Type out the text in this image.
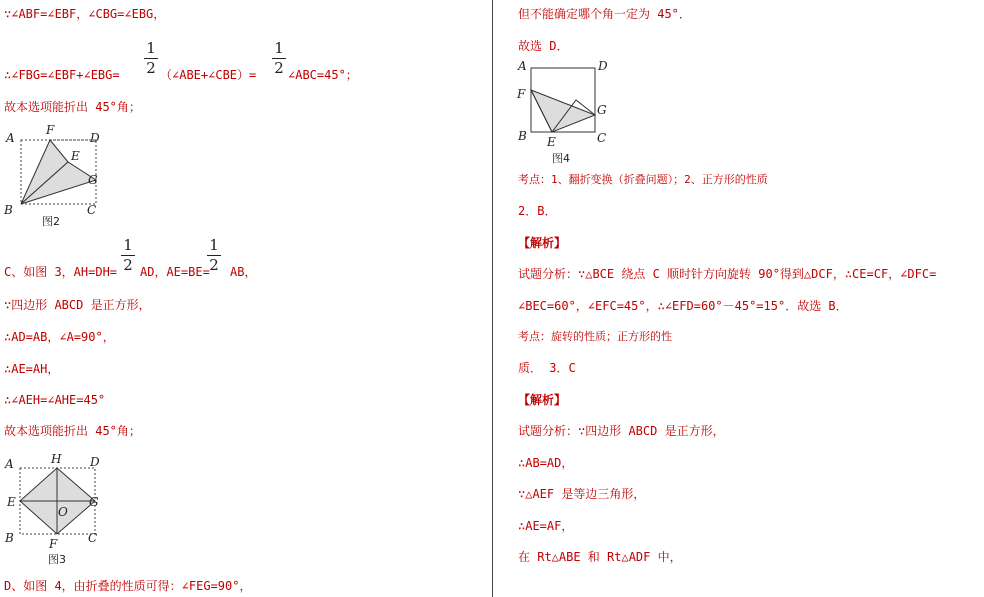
∵∠ABF=∠EBF，∠CBG=∠EBG，
∴∠FBG=∠EBF+∠EBG=
1
2 （∠ABE+∠CBE）=
1
2 ∠ABC=45°；
故本选项能折出 45°角；
A
F
D
E
G
B	C
图2
C、如图 3，AH=DH=
1
2 AD，AE=BE=
1
2 AB，
∵四边形 ABCD 是正方形，
∴AD=AB，∠A=90°，
∴AE=AH，
∴∠AEH=∠AHE=45°
故本选项能折出 45°角；
A	H D
E	G
O
B	F	C
图3
D、如图 4，由折叠的性质可得：∠FEG=90°，
但不能确定哪个角一定为 45°．
故选 D．
A	D
F
G
B E	C
图4
考点：1、翻折变换（折叠问题）；2、正方形的性质
2．B．
【解析】
试题分析：∵△BCE 绕点 C 顺时针方向旋转 90°得到△DCF，∴CE=CF，∠DFC=
∠BEC=60°，∠EFC=45°，∴∠EFD=60°－45°=15°．故选 B．
考点：旋转的性质；正方形的性
质． 3．C
【解析】
试题分析：∵四边形 ABCD 是正方形，
∴AB=AD，
∵△AEF 是等边三角形，
∴AE=AF，
在 Rt△ABE 和 Rt△ADF 中，
